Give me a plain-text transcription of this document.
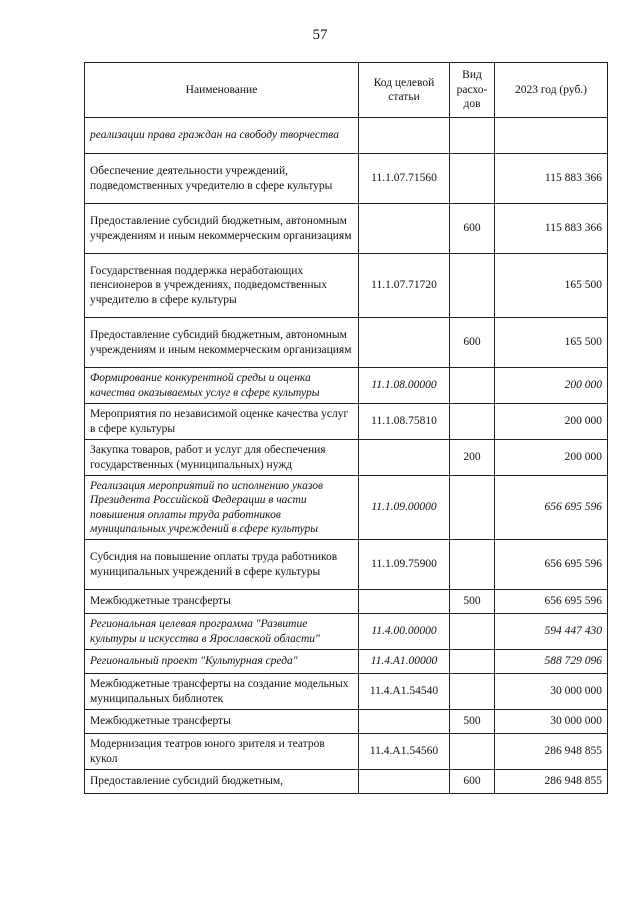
57
Наименование	Код целевой статьи	Вид расхо-дов	2023 год (руб.)
реализации права граждан на свободу творчества			
Обеспечение деятельности учреждений, подведомственных учредителю в сфере культуры	11.1.07.71560		115 883 366
Предоставление субсидий бюджетным, автономным учреждениям и иным некоммерческим организациям		600	115 883 366
Государственная поддержка неработающих пенсионеров в учреждениях, подведомственных учредителю в сфере культуры	11.1.07.71720		165 500
Предоставление субсидий бюджетным, автономным учреждениям и иным некоммерческим организациям		600	165 500
Формирование конкурентной среды и оценка качества оказываемых услуг в сфере культуры	11.1.08.00000		200 000
Мероприятия по независимой оценке качества услуг в сфере культуры	11.1.08.75810		200 000
Закупка товаров, работ и услуг для обеспечения государственных (муниципальных) нужд		200	200 000
Реализация мероприятий по исполнению указов Президента Российской Федерации в части повышения оплаты труда работников муниципальных учреждений в сфере культуры	11.1.09.00000		656 695 596
Субсидия на повышение оплаты труда работников муниципальных учреждений в сфере культуры	11.1.09.75900		656 695 596
Межбюджетные трансферты		500	656 695 596
Региональная целевая программа "Развитие культуры и искусства в Ярославской области"	11.4.00.00000		594 447 430
Региональный проект "Культурная среда"	11.4.А1.00000		588 729 096
Межбюджетные трансферты на создание модельных муниципальных библиотек	11.4.А1.54540		30 000 000
Межбюджетные трансферты		500	30 000 000
Модернизация театров юного зрителя и театров кукол	11.4.А1.54560		286 948 855
Предоставление субсидий бюджетным,		600	286 948 855
